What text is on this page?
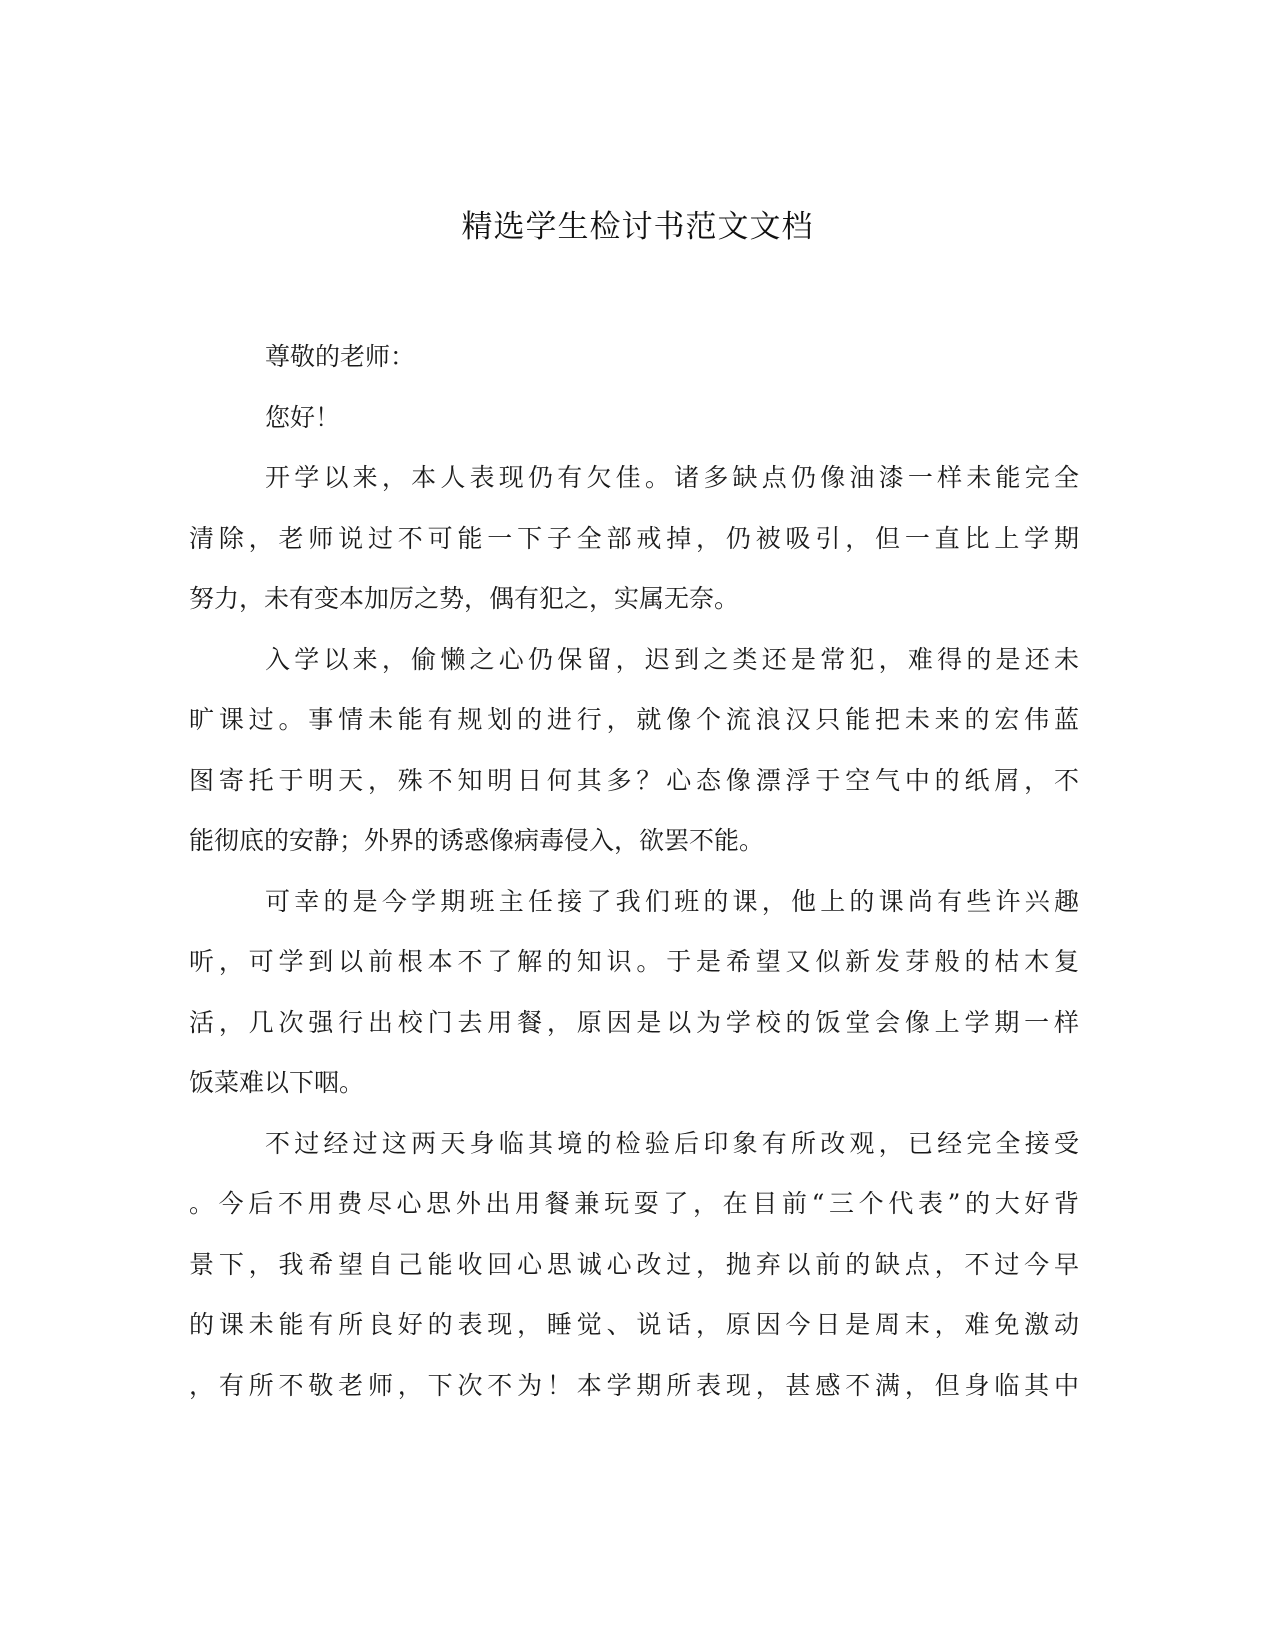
精选学生检讨书范文文档

尊敬的老师：

您好！

开学以来，本人表现仍有欠佳。诸多缺点仍像油漆一样未能完全
清除，老师说过不可能一下子全部戒掉，仍被吸引，但一直比上学期
努力，未有变本加厉之势，偶有犯之，实属无奈。

入学以来，偷懒之心仍保留，迟到之类还是常犯，难得的是还未
旷课过。事情未能有规划的进行，就像个流浪汉只能把未来的宏伟蓝
图寄托于明天，殊不知明日何其多？心态像漂浮于空气中的纸屑，不
能彻底的安静；外界的诱惑像病毒侵入，欲罢不能。

可幸的是今学期班主任接了我们班的课，他上的课尚有些许兴趣
听，可学到以前根本不了解的知识。于是希望又似新发芽般的枯木复
活，几次强行出校门去用餐，原因是以为学校的饭堂会像上学期一样
饭菜难以下咽。

不过经过这两天身临其境的检验后印象有所改观，已经完全接受
。今后不用费尽心思外出用餐兼玩耍了，在目前“三个代表”的大好背
景下，我希望自己能收回心思诚心改过，抛弃以前的缺点，不过今早
的课未能有所良好的表现，睡觉、说话，原因今日是周末，难免激动
，有所不敬老师，下次不为！本学期所表现，甚感不满，但身临其中
